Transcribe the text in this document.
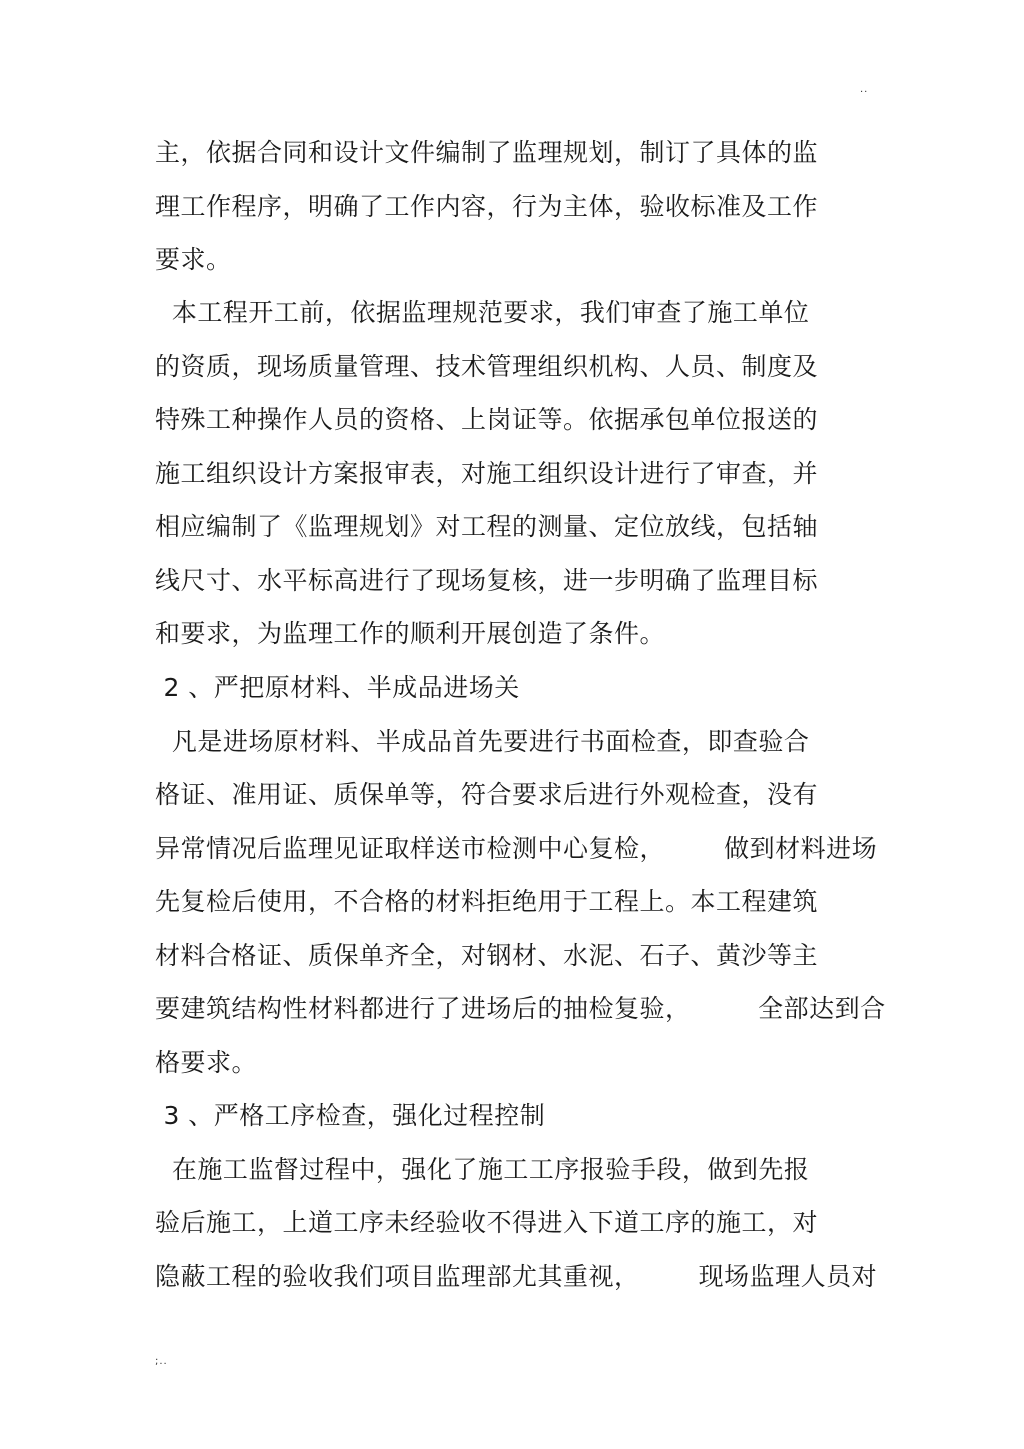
..
主，依据合同和设计文件编制了监理规划，制订了具体的监
理工作程序，明确了工作内容，行为主体，验收标准及工作
要求。
本工程开工前，依据监理规范要求，我们审查了施工单位
的资质，现场质量管理、技术管理组织机构、人员、制度及
特殊工种操作人员的资格、上岗证等。依据承包单位报送的
施工组织设计方案报审表，对施工组织设计进行了审查，并
相应编制了《监理规划》对工程的测量、定位放线，包括轴
线尺寸、水平标高进行了现场复核，进一步明确了监理目标
和要求，为监理工作的顺利开展创造了条件。
2 、严把原材料、半成品进场关
凡是进场原材料、半成品首先要进行书面检查，即查验合
格证、准用证、质保单等，符合要求后进行外观检查，没有
异常情况后监理见证取样送市检测中心复检，       做到材料进场
先复检后使用，不合格的材料拒绝用于工程上。本工程建筑
材料合格证、质保单齐全，对钢材、水泥、石子、黄沙等主
要建筑结构性材料都进行了进场后的抽检复验，        全部达到合
格要求。
3 、严格工序检查，强化过程控制
在施工监督过程中，强化了施工工序报验手段，做到先报
验后施工，上道工序未经验收不得进入下道工序的施工，对
隐蔽工程的验收我们项目监理部尤其重视，       现场监理人员对
;..
